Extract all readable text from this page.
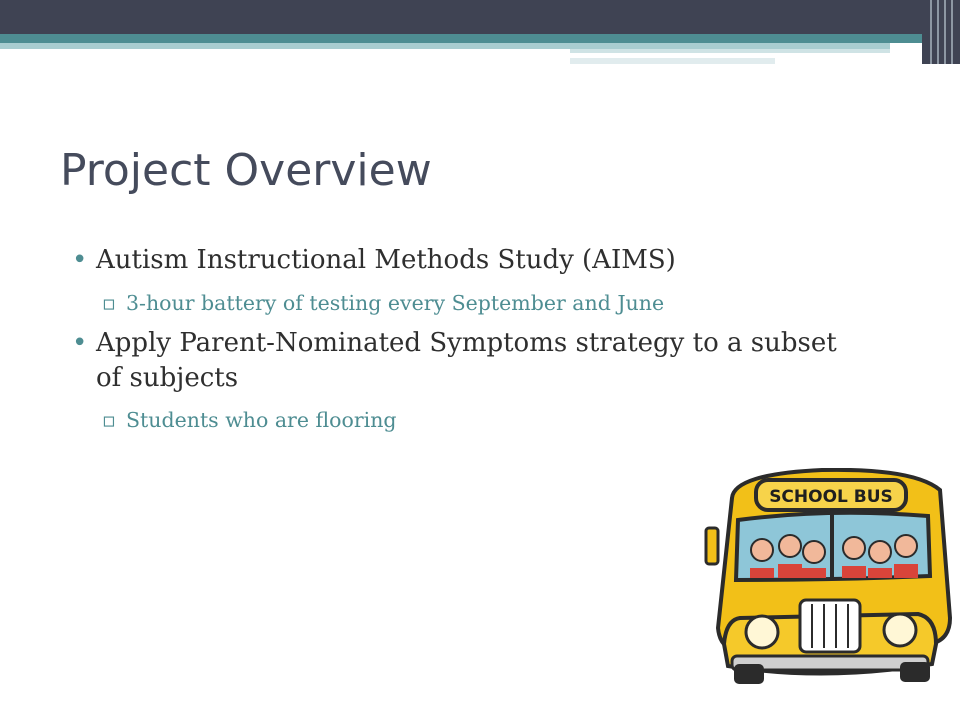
Project Overview
• Autism Instructional Methods Study (AIMS)
▫ 3-hour battery of testing every September and June
• Apply Parent-Nominated Symptoms strategy to a subset of subjects
▫ Students who are flooring
SCHOOL BUS
